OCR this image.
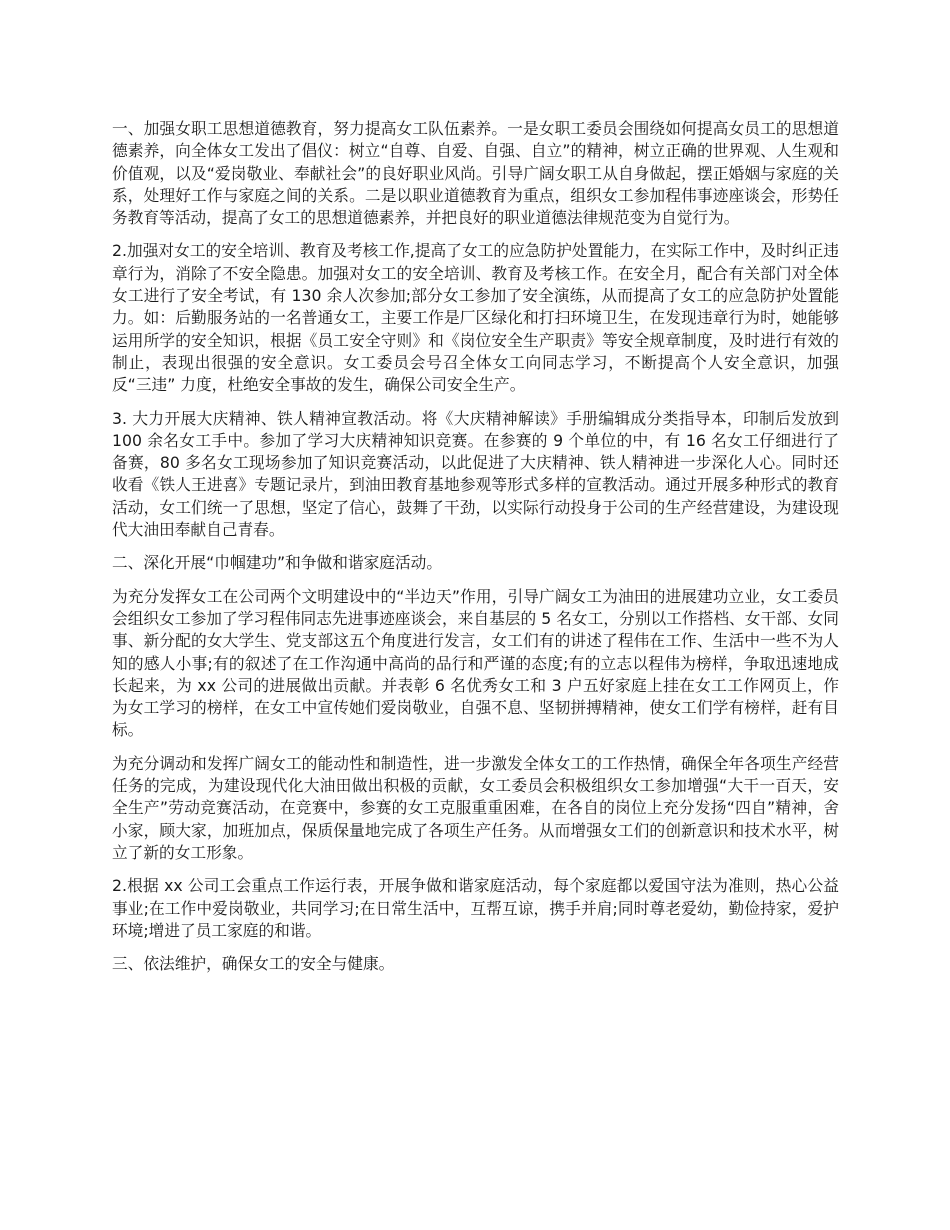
一、加强女职工思想道德教育，努力提高女工队伍素养。一是女职工委员会围绕如何提高女员工的思想道德素养，向全体女工发出了倡仪：树立“自尊、自爱、自强、自立”的精神，树立正确的世界观、人生观和价值观，以及“爱岗敬业、奉献社会”的良好职业风尚。引导广阔女职工从自身做起，摆正婚姻与家庭的关系，处理好工作与家庭之间的关系。二是以职业道德教育为重点，组织女工参加程伟事迹座谈会，形势任务教育等活动，提高了女工的思想道德素养，并把良好的职业道德法律规范变为自觉行为。

2.加强对女工的安全培训、教育及考核工作,提高了女工的应急防护处置能力，在实际工作中，及时纠正违章行为，消除了不安全隐患。加强对女工的安全培训、教育及考核工作。在安全月，配合有关部门对全体女工进行了安全考试，有 130 余人次参加;部分女工参加了安全演练，从而提高了女工的应急防护处置能力。如：后勤服务站的一名普通女工，主要工作是厂区绿化和打扫环境卫生，在发现违章行为时，她能够运用所学的安全知识，根据《员工安全守则》和《岗位安全生产职责》等安全规章制度，及时进行有效的制止，表现出很强的安全意识。女工委员会号召全体女工向同志学习，不断提高个人安全意识，加强反“三违” 力度，杜绝安全事故的发生，确保公司安全生产。

3. 大力开展大庆精神、铁人精神宣教活动。将《大庆精神解读》手册编辑成分类指导本，印制后发放到 100 余名女工手中。参加了学习大庆精神知识竞赛。在参赛的 9 个单位的中，有 16 名女工仔细进行了备赛，80 多名女工现场参加了知识竞赛活动，以此促进了大庆精神、铁人精神进一步深化人心。同时还收看《铁人王进喜》专题记录片，到油田教育基地参观等形式多样的宣教活动。通过开展多种形式的教育活动，女工们统一了思想，坚定了信心，鼓舞了干劲，以实际行动投身于公司的生产经营建设，为建设现代大油田奉献自己青春。

二、深化开展“巾帼建功”和争做和谐家庭活动。

为充分发挥女工在公司两个文明建设中的“半边天”作用，引导广阔女工为油田的进展建功立业，女工委员会组织女工参加了学习程伟同志先进事迹座谈会，来自基层的 5 名女工，分别以工作搭档、女干部、女同事、新分配的女大学生、党支部这五个角度进行发言，女工们有的讲述了程伟在工作、生活中一些不为人知的感人小事;有的叙述了在工作沟通中高尚的品行和严谨的态度;有的立志以程伟为榜样，争取迅速地成长起来，为 xx 公司的进展做出贡献。并表彰 6 名优秀女工和 3 户五好家庭上挂在女工工作网页上，作为女工学习的榜样，在女工中宣传她们爱岗敬业，自强不息、坚韧拼搏精神，使女工们学有榜样，赶有目标。

为充分调动和发挥广阔女工的能动性和制造性，进一步激发全体女工的工作热情，确保全年各项生产经营任务的完成，为建设现代化大油田做出积极的贡献，女工委员会积极组织女工参加增强“大干一百天，安全生产”劳动竞赛活动，在竞赛中，参赛的女工克服重重困难，在各自的岗位上充分发扬“四自”精神，舍小家，顾大家，加班加点，保质保量地完成了各项生产任务。从而增强女工们的创新意识和技术水平，树立了新的女工形象。

2.根据 xx 公司工会重点工作运行表，开展争做和谐家庭活动，每个家庭都以爱国守法为准则，热心公益事业;在工作中爱岗敬业，共同学习;在日常生活中，互帮互谅，携手并肩;同时尊老爱幼，勤俭持家，爱护环境;增进了员工家庭的和谐。

三、依法维护，确保女工的安全与健康。
